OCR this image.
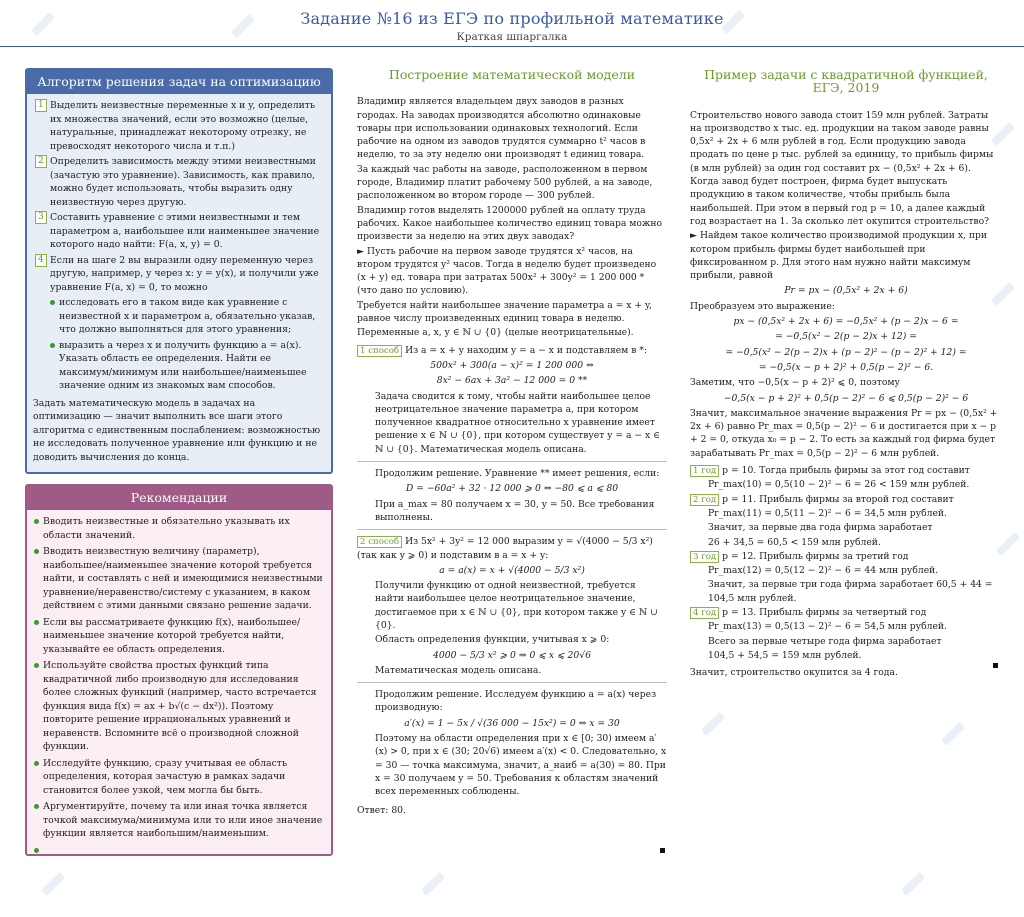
Задание №16 из ЕГЭ по профильной математике
Краткая шпаргалка
Алгоритм решения задач на оптимизацию
1 Выделить неизвестные переменные x и y, определить их множества значений, если это возможно (целые, натуральные, принадлежат некоторому отрезку, не превосходят некоторого числа и т.п.)
2 Определить зависимость между этими неизвестными (зачастую это уравнение). Зависимость, как правило, можно будет использовать, чтобы выразить одну неизвестную через другую.
3 Составить уравнение с этими неизвестными и тем параметром a, наибольшее или наименьшее значение которого надо найти: F(a, x, y) = 0.
4 Если на шаге 2 вы выразили одну переменную через другую, например, y через x: y = y(x), и получили уже уравнение F(a, x) = 0, то можно
исследовать его в таком виде как уравнение с неизвестной x и параметром a, обязательно указав, что должно выполняться для этого уравнения;
выразить a через x и получить функцию a = a(x). Указать область ее определения. Найти ее максимум/минимум или наибольшее/наименьшее значение одним из знакомых вам способов.
Задать математическую модель в задачах на оптимизацию — значит выполнить все шаги этого алгоритма с единственным послаблением: возможностью не исследовать полученное уравнение или функцию и не доводить вычисления до конца.
Рекомендации
Вводить неизвестные и обязательно указывать их области значений.
Вводить неизвестную величину (параметр), наибольшее/наименьшее значение которой требуется найти, и составлять с ней и имеющимися неизвестными уравнение/неравенство/систему с указанием, в каком действием с этими данными связано решение задачи.
Если вы рассматриваете функцию f(x), наибольшее/наименьшее значение которой требуется найти, указывайте ее область определения.
Используйте свойства простых функций типа квадратичной либо производную для исследования более сложных функций (например, часто встречается функция вида f(x) = ax + b√(c − dx²)). Поэтому повторите решение иррациональных уравнений и неравенств. Вспомните всё о производной сложной функции.
Исследуйте функцию, сразу учитывая ее область определения, которая зачастую в рамках задачи становится более узкой, чем могла бы быть.
Аргументируйте, почему та или иная точка является точкой максимума/минимума или то или иное значение функции является наибольшим/наименьшим.
Построение математической модели
Владимир является владельцем двух заводов в разных городах. На заводах производятся абсолютно одинаковые товары при использовании одинаковых технологий. Если рабочие на одном из заводов трудятся суммарно t² часов в неделю, то за эту неделю они производят t единиц товара.
За каждый час работы на заводе, расположенном в первом городе, Владимир платит рабочему 500 рублей, а на заводе, расположенном во втором городе — 300 рублей.
Владимир готов выделять 1200000 рублей на оплату труда рабочих. Какое наибольшее количество единиц товара можно произвести за неделю на этих двух заводах?
► Пусть рабочие на первом заводе трудятся x² часов, на втором трудятся y² часов. Тогда в неделю будет произведено (x + y) ед. товара при затратах 500x² + 300y² = 1 200 000 * (что дано по условию).
Требуется найти наибольшее значение параметра a = x + y, равное числу произведенных единиц товара в неделю.
Переменные a, x, y ∈ ℕ ∪ {0} (целые неотрицательные).
1 способ Из a = x + y находим y = a − x и подставляем в *:
500x² + 300(a − x)² = 1 200 000 ⇔
8x² − 6ax + 3a² − 12 000 = 0 **
Задача сводится к тому, чтобы найти наибольшее целое неотрицательное значение параметра a, при котором полученное квадратное относительно x уравнение имеет решение x ∈ ℕ ∪ {0}, при котором существует y = a − x ∈ ℕ ∪ {0}. Математическая модель описана.
Продолжим решение. Уравнение ** имеет решения, если:
D = −60a² + 32 · 12 000 ⩾ 0 ⇔ −80 ⩽ a ⩽ 80
При a_max = 80 получаем x = 30, y = 50. Все требования выполнены.
2 способ Из 5x² + 3y² = 12 000 выразим y = √(4000 − 5/3 x²) (так как y ⩾ 0) и подставим в a = x + y:
a = a(x) = x + √(4000 − 5/3 x²)
Получили функцию от одной неизвестной, требуется найти наибольшее целое неотрицательное значение, достигаемое при x ∈ ℕ ∪ {0}, при котором также y ∈ ℕ ∪ {0}.
Область определения функции, учитывая x ⩾ 0:
4000 − 5/3 x² ⩾ 0 ⇒ 0 ⩽ x ⩽ 20√6
Математическая модель описана.
Продолжим решение. Исследуем функцию a = a(x) через производную:
a′(x) = 1 − 5x / √(36 000 − 15x²) = 0 ⇒ x = 30
Поэтому на области определения при x ∈ [0; 30) имеем a′(x) > 0, при x ∈ (30; 20√6) имеем a′(x) < 0. Следовательно, x = 30 — точка максимума, значит, a_наиб = a(30) = 80. При x = 30 получаем y = 50. Требования к областям значений всех переменных соблюдены.
Ответ: 80.
Пример задачи с квадратичной функцией, ЕГЭ, 2019
Строительство нового завода стоит 159 млн рублей. Затраты на производство x тыс. ед. продукции на таком заводе равны 0,5x² + 2x + 6 млн рублей в год. Если продукцию завода продать по цене p тыс. рублей за единицу, то прибыль фирмы (в млн рублей) за один год составит px − (0,5x² + 2x + 6). Когда завод будет построен, фирма будет выпускать продукцию в таком количестве, чтобы прибыль была наибольшей. При этом в первый год p = 10, а далее каждый год возрастает на 1. За сколько лет окупится строительство?
► Найдем такое количество производимой продукции x, при котором прибыль фирмы будет наибольшей при фиксированном p. Для этого нам нужно найти максимум прибыли, равной
Pr = px − (0,5x² + 2x + 6)
Преобразуем это выражение:
px − (0,5x² + 2x + 6) = −0,5x² + (p − 2)x − 6 =
= −0,5(x² − 2(p − 2)x + 12) =
= −0,5(x² − 2(p − 2)x + (p − 2)² − (p − 2)² + 12) =
= −0,5(x − p + 2)² + 0,5(p − 2)² − 6.
Заметим, что −0,5(x − p + 2)² ⩽ 0, поэтому
−0,5(x − p + 2)² + 0,5(p − 2)² − 6 ⩽ 0,5(p − 2)² − 6
Значит, максимальное значение выражения Pr = px − (0,5x² + 2x + 6) равно Pr_max = 0,5(p − 2)² − 6 и достигается при x − p + 2 = 0, откуда x₀ = p − 2. То есть за каждый год фирма будет зарабатывать Pr_max = 0,5(p − 2)² − 6 млн рублей.
1 год p = 10. Тогда прибыль фирмы за этот год составит
Pr_max(10) = 0,5(10 − 2)² − 6 = 26 < 159 млн рублей.
2 год p = 11. Прибыль фирмы за второй год составит
Pr_max(11) = 0,5(11 − 2)² − 6 = 34,5 млн рублей.
Значит, за первые два года фирма заработает
26 + 34,5 = 60,5 < 159 млн рублей.
3 год p = 12. Прибыль фирмы за третий год
Pr_max(12) = 0,5(12 − 2)² − 6 = 44 млн рублей.
Значит, за первые три года фирма заработает 60,5 + 44 = 104,5 млн рублей.
4 год p = 13. Прибыль фирмы за четвертый год
Pr_max(13) = 0,5(13 − 2)² − 6 = 54,5 млн рублей.
Всего за первые четыре года фирма заработает
104,5 + 54,5 = 159 млн рублей.
Значит, строительство окупится за 4 года.
